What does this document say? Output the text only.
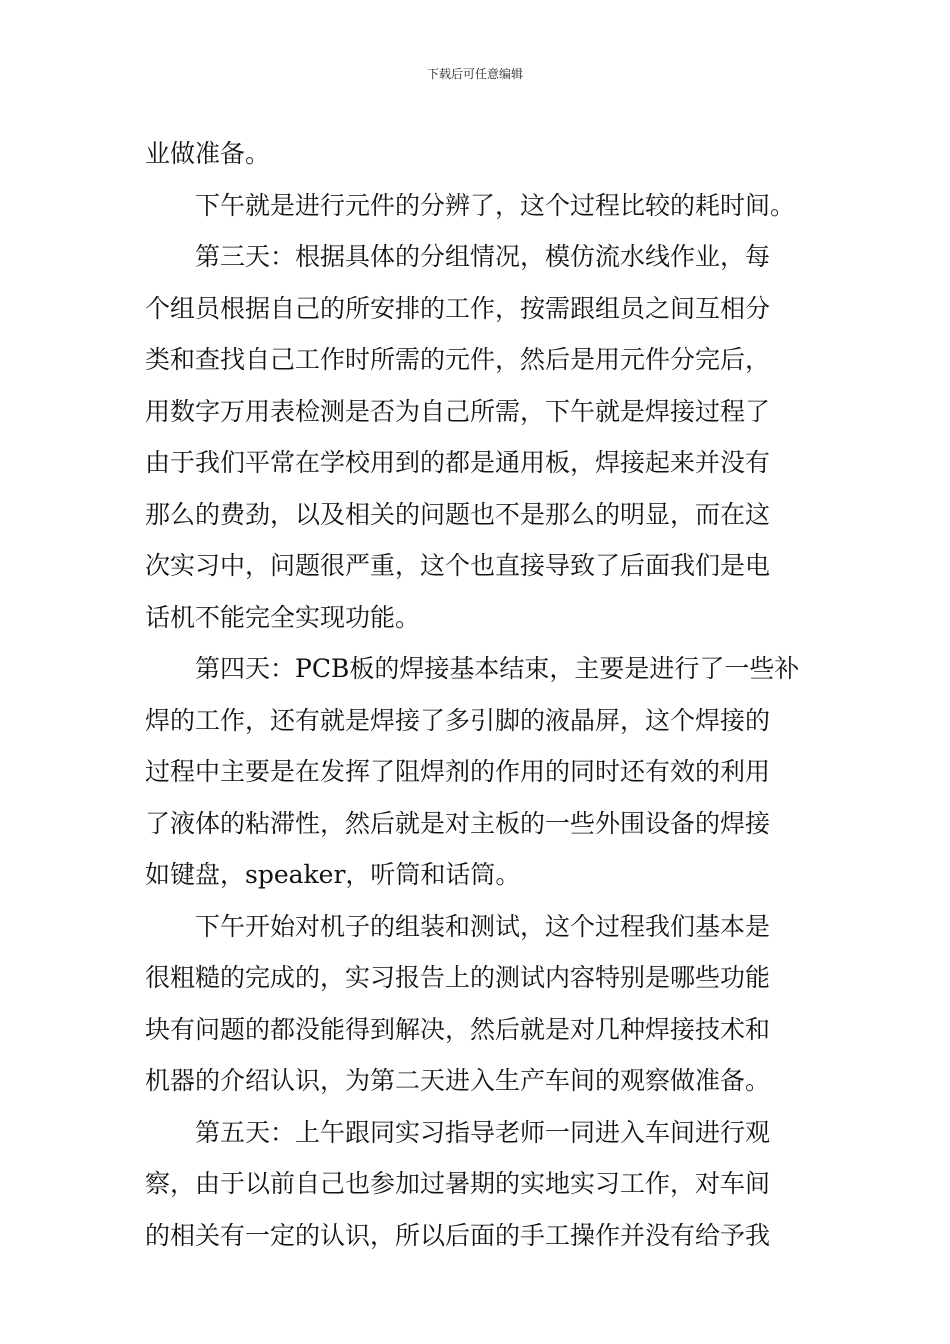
下载后可任意编辑
业做准备。
下午就是进行元件的分辨了，这个过程比较的耗时间。
第三天：根据具体的分组情况，模仿流水线作业，每
个组员根据自己的所安排的工作，按需跟组员之间互相分
类和查找自己工作时所需的元件，然后是用元件分完后，
用数字万用表检测是否为自己所需，下午就是焊接过程了
由于我们平常在学校用到的都是通用板，焊接起来并没有
那么的费劲，以及相关的问题也不是那么的明显，而在这
次实习中，问题很严重，这个也直接导致了后面我们是电
话机不能完全实现功能。
第四天：PCB板的焊接基本结束，主要是进行了一些补
焊的工作，还有就是焊接了多引脚的液晶屏，这个焊接的
过程中主要是在发挥了阻焊剂的作用的同时还有效的利用
了液体的粘滞性，然后就是对主板的一些外围设备的焊接
如键盘，speaker，听筒和话筒。
下午开始对机子的组装和测试，这个过程我们基本是
很粗糙的完成的，实习报告上的测试内容特别是哪些功能
块有问题的都没能得到解决，然后就是对几种焊接技术和
机器的介绍认识，为第二天进入生产车间的观察做准备。
第五天：上午跟同实习指导老师一同进入车间进行观
察，由于以前自己也参加过暑期的实地实习工作，对车间
的相关有一定的认识，所以后面的手工操作并没有给予我
